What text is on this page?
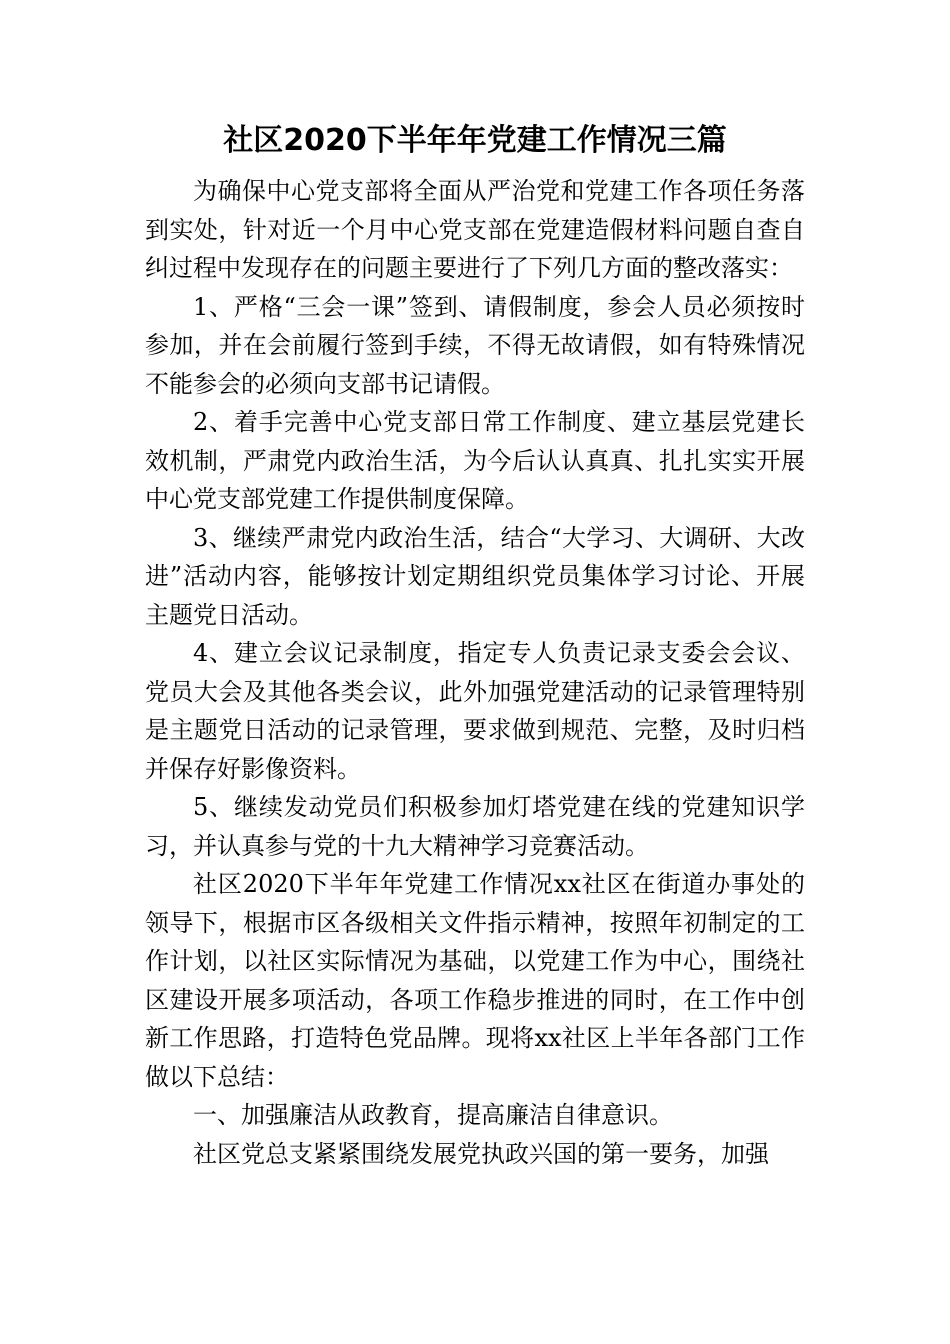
社区2020下半年年党建工作情况三篇

为确保中心党支部将全面从严治党和党建工作各项任务落到实处，针对近一个月中心党支部在党建造假材料问题自查自纠过程中发现存在的问题主要进行了下列几方面的整改落实：

1、严格“三会一课”签到、请假制度，参会人员必须按时参加，并在会前履行签到手续，不得无故请假，如有特殊情况不能参会的必须向支部书记请假。

2、着手完善中心党支部日常工作制度、建立基层党建长效机制，严肃党内政治生活，为今后认认真真、扎扎实实开展中心党支部党建工作提供制度保障。

3、继续严肃党内政治生活，结合“大学习、大调研、大改进”活动内容，能够按计划定期组织党员集体学习讨论、开展主题党日活动。

4、建立会议记录制度，指定专人负责记录支委会会议、党员大会及其他各类会议，此外加强党建活动的记录管理特别是主题党日活动的记录管理，要求做到规范、完整，及时归档并保存好影像资料。

5、继续发动党员们积极参加灯塔党建在线的党建知识学习，并认真参与党的十九大精神学习竞赛活动。

社区2020下半年年党建工作情况xx社区在街道办事处的领导下，根据市区各级相关文件指示精神，按照年初制定的工作计划，以社区实际情况为基础，以党建工作为中心，围绕社区建设开展多项活动，各项工作稳步推进的同时，在工作中创新工作思路，打造特色党品牌。现将xx社区上半年各部门工作做以下总结：

一、加强廉洁从政教育，提高廉洁自律意识。

社区党总支紧紧围绕发展党执政兴国的第一要务，加强
